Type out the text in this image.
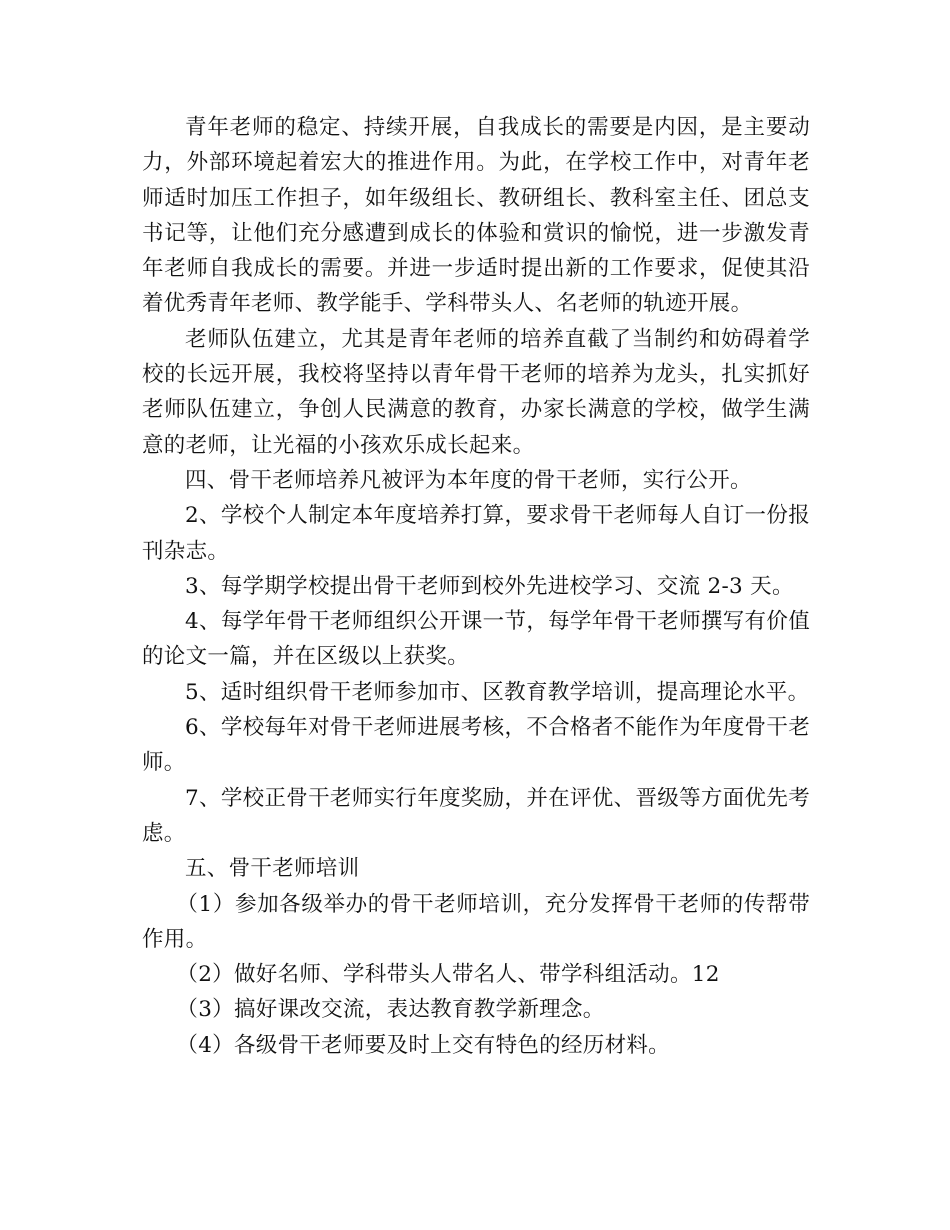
青年老师的稳定、持续开展，自我成长的需要是内因，是主要动力，外部环境起着宏大的推进作用。为此，在学校工作中，对青年老师适时加压工作担子，如年级组长、教研组长、教科室主任、团总支书记等，让他们充分感遭到成长的体验和赏识的愉悦，进一步激发青年老师自我成长的需要。并进一步适时提出新的工作要求，促使其沿着优秀青年老师、教学能手、学科带头人、名老师的轨迹开展。

老师队伍建立，尤其是青年老师的培养直截了当制约和妨碍着学校的长远开展，我校将坚持以青年骨干老师的培养为龙头，扎实抓好老师队伍建立，争创人民满意的教育，办家长满意的学校，做学生满意的老师，让光福的小孩欢乐成长起来。

四、骨干老师培养凡被评为本年度的骨干老师，实行公开。

2、学校个人制定本年度培养打算，要求骨干老师每人自订一份报刊杂志。

3、每学期学校提出骨干老师到校外先进校学习、交流 2-3 天。

4、每学年骨干老师组织公开课一节，每学年骨干老师撰写有价值的论文一篇，并在区级以上获奖。

5、适时组织骨干老师参加市、区教育教学培训，提高理论水平。

6、学校每年对骨干老师进展考核，不合格者不能作为年度骨干老师。

7、学校正骨干老师实行年度奖励，并在评优、晋级等方面优先考虑。

五、骨干老师培训

（1）参加各级举办的骨干老师培训，充分发挥骨干老师的传帮带作用。

（2）做好名师、学科带头人带名人、带学科组活动。12

（3）搞好课改交流，表达教育教学新理念。

（4）各级骨干老师要及时上交有特色的经历材料。
